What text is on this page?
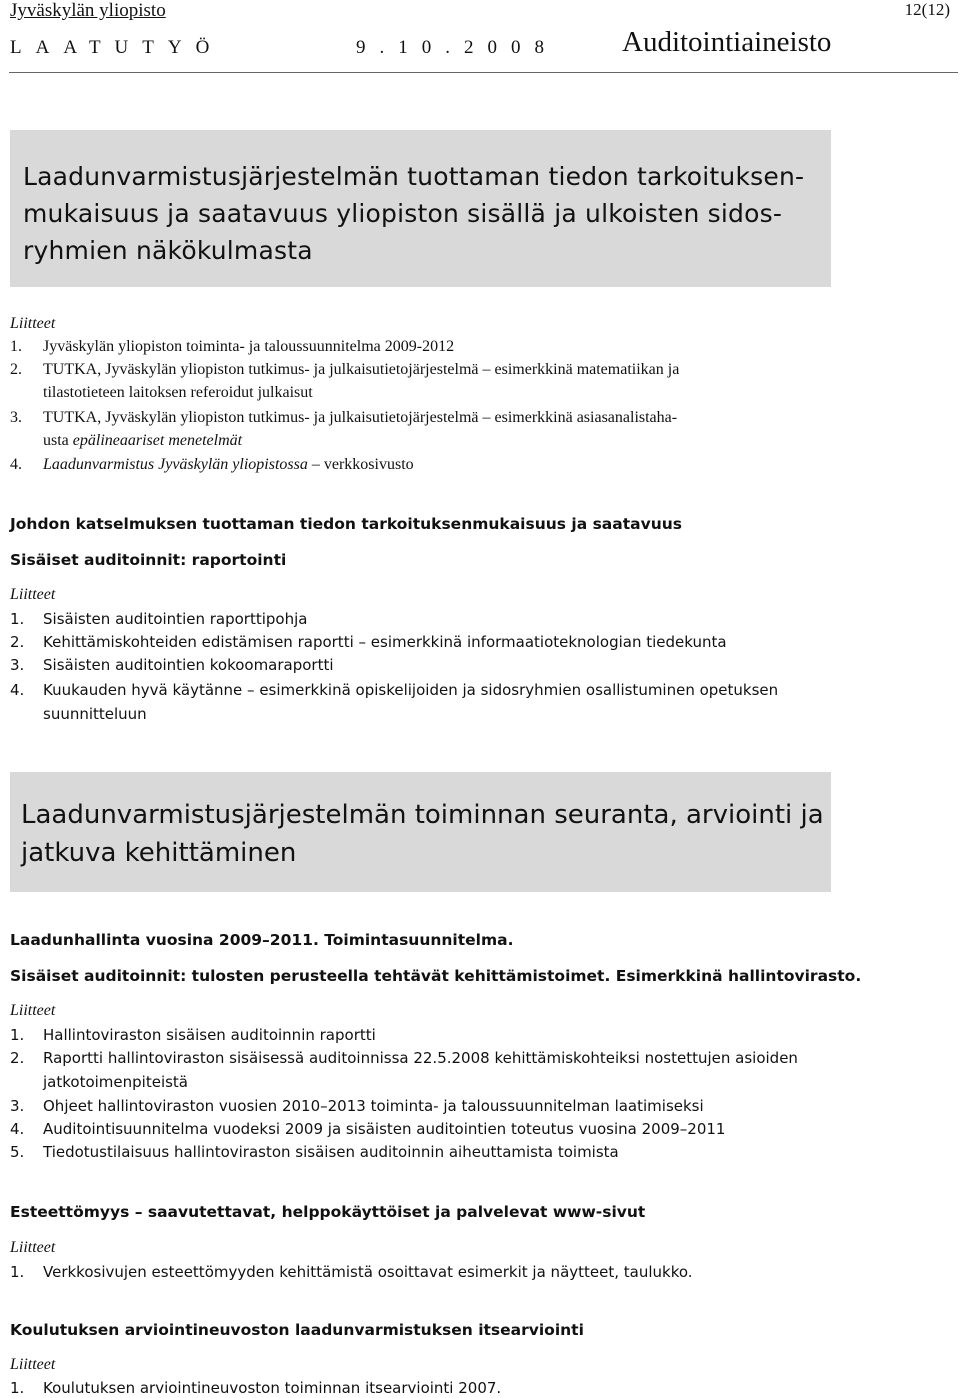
Jyväskylän yliopisto	12(12)
LAATUTYÖ	9.10.2008 Auditointiaineisto
Laadunvarmistusjärjestelmän tuottaman tiedon tarkoituksen-
mukaisuus ja saatavuus yliopiston sisällä ja ulkoisten sidos-
ryhmien näkökulmasta
Liitteet
1. Jyväskylän yliopiston toiminta- ja taloussuunnitelma 2009-2012
2. TUTKA, Jyväskylän yliopiston tutkimus- ja julkaisutietojärjestelmä – esimerkkinä matematiikan ja
tilastotieteen laitoksen referoidut julkaisut
3. TUTKA, Jyväskylän yliopiston tutkimus- ja julkaisutietojärjestelmä – esimerkkinä asiasanalistaha-
usta epälineaariset menetelmät
4. Laadunvarmistus Jyväskylän yliopistossa – verkkosivusto
Johdon katselmuksen tuottaman tiedon tarkoituksenmukaisuus ja saatavuus
Sisäiset auditoinnit: raportointi
Liitteet
1. Sisäisten auditointien raporttipohja
2. Kehittämiskohteiden edistämisen raportti – esimerkkinä informaatioteknologian tiedekunta
3. Sisäisten auditointien kokoomaraportti
4. Kuukauden hyvä käytänne – esimerkkinä opiskelijoiden ja sidosryhmien osallistuminen opetuksen
suunnitteluun
Laadunvarmistusjärjestelmän toiminnan seuranta, arviointi ja
jatkuva kehittäminen
Laadunhallinta vuosina 2009–2011. Toimintasuunnitelma.
Sisäiset auditoinnit: tulosten perusteella tehtävät kehittämistoimet. Esimerkkinä hallintovirasto.
Liitteet
1. Hallintoviraston sisäisen auditoinnin raportti
2. Raportti hallintoviraston sisäisessä auditoinnissa 22.5.2008 kehittämiskohteiksi nostettujen asioiden
jatkotoimenpiteistä
3. Ohjeet hallintoviraston vuosien 2010–2013 toiminta- ja taloussuunnitelman laatimiseksi
4. Auditointisuunnitelma vuodeksi 2009 ja sisäisten auditointien toteutus vuosina 2009–2011
5. Tiedotustilaisuus hallintoviraston sisäisen auditoinnin aiheuttamista toimista
Esteettömyys – saavutettavat, helppokäyttöiset ja palvelevat www-sivut
Liitteet
1. Verkkosivujen esteettömyyden kehittämistä osoittavat esimerkit ja näytteet, taulukko.
Koulutuksen arviointineuvoston laadunvarmistuksen itsearviointi
Liitteet
1. Koulutuksen arviointineuvoston toiminnan itsearviointi 2007.
